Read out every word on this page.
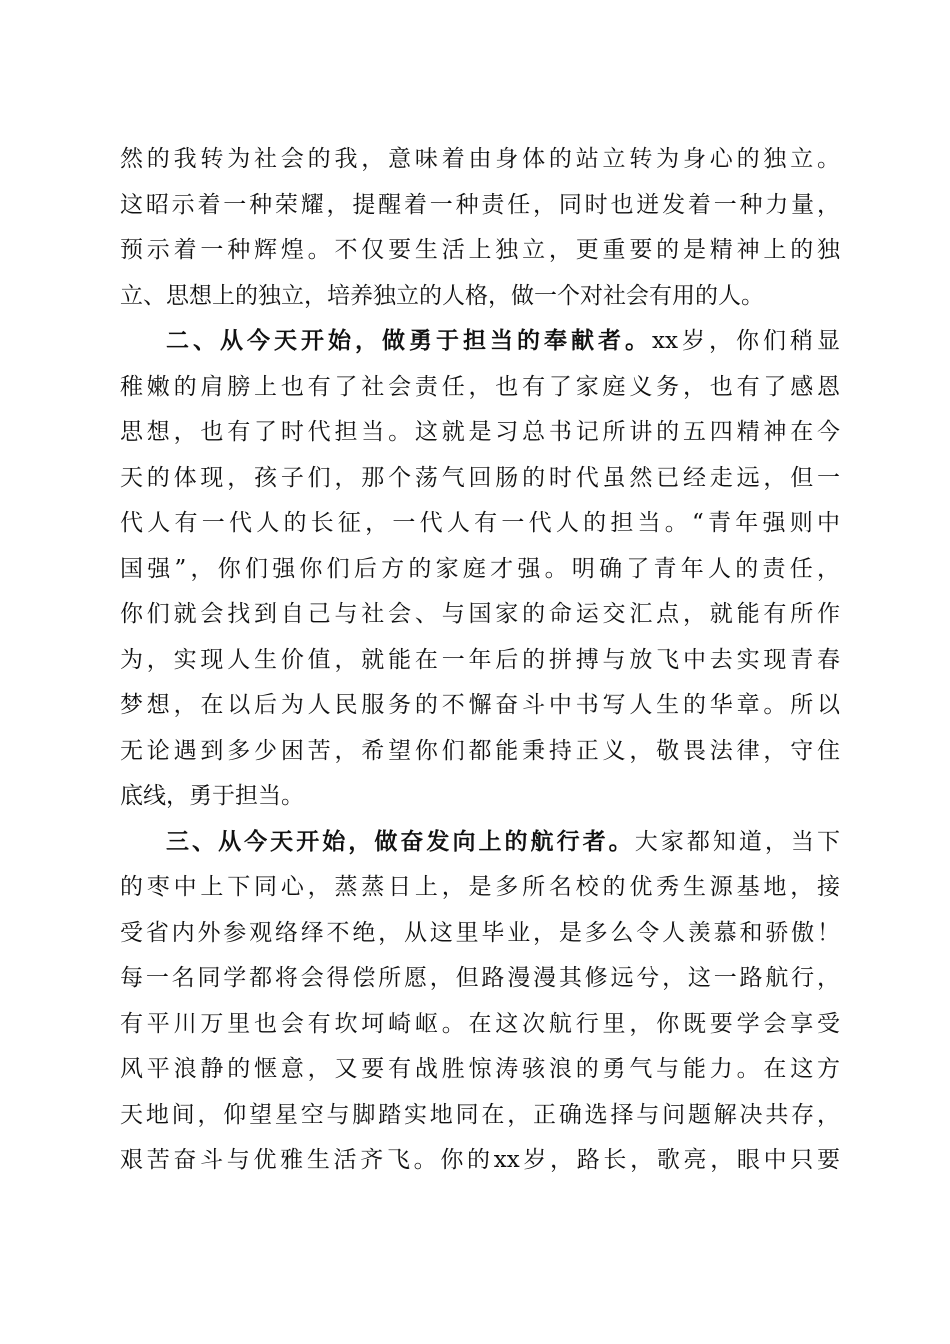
然的我转为社会的我，意味着由身体的站立转为身心的独立。
这昭示着一种荣耀，提醒着一种责任，同时也迸发着一种力量，
预示着一种辉煌。不仅要生活上独立，更重要的是精神上的独
立、思想上的独立，培养独立的人格，做一个对社会有用的人。
二、从今天开始，做勇于担当的奉献者。xx岁，你们稍显
稚嫩的肩膀上也有了社会责任，也有了家庭义务，也有了感恩
思想，也有了时代担当。这就是习总书记所讲的五四精神在今
天的体现，孩子们，那个荡气回肠的时代虽然已经走远，但一
代人有一代人的长征，一代人有一代人的担当。“青年强则中
国强”，你们强你们后方的家庭才强。明确了青年人的责任，
你们就会找到自己与社会、与国家的命运交汇点，就能有所作
为，实现人生价值，就能在一年后的拼搏与放飞中去实现青春
梦想，在以后为人民服务的不懈奋斗中书写人生的华章。所以
无论遇到多少困苦，希望你们都能秉持正义，敬畏法律，守住
底线，勇于担当。
三、从今天开始，做奋发向上的航行者。大家都知道，当下
的枣中上下同心，蒸蒸日上，是多所名校的优秀生源基地，接
受省内外参观络绎不绝，从这里毕业，是多么令人羡慕和骄傲！
每一名同学都将会得偿所愿，但路漫漫其修远兮，这一路航行，
有平川万里也会有坎坷崎岖。在这次航行里，你既要学会享受
风平浪静的惬意，又要有战胜惊涛骇浪的勇气与能力。在这方
天地间，仰望星空与脚踏实地同在，正确选择与问题解决共存，
艰苦奋斗与优雅生活齐飞。你的xx岁，路长，歌亮，眼中只要
